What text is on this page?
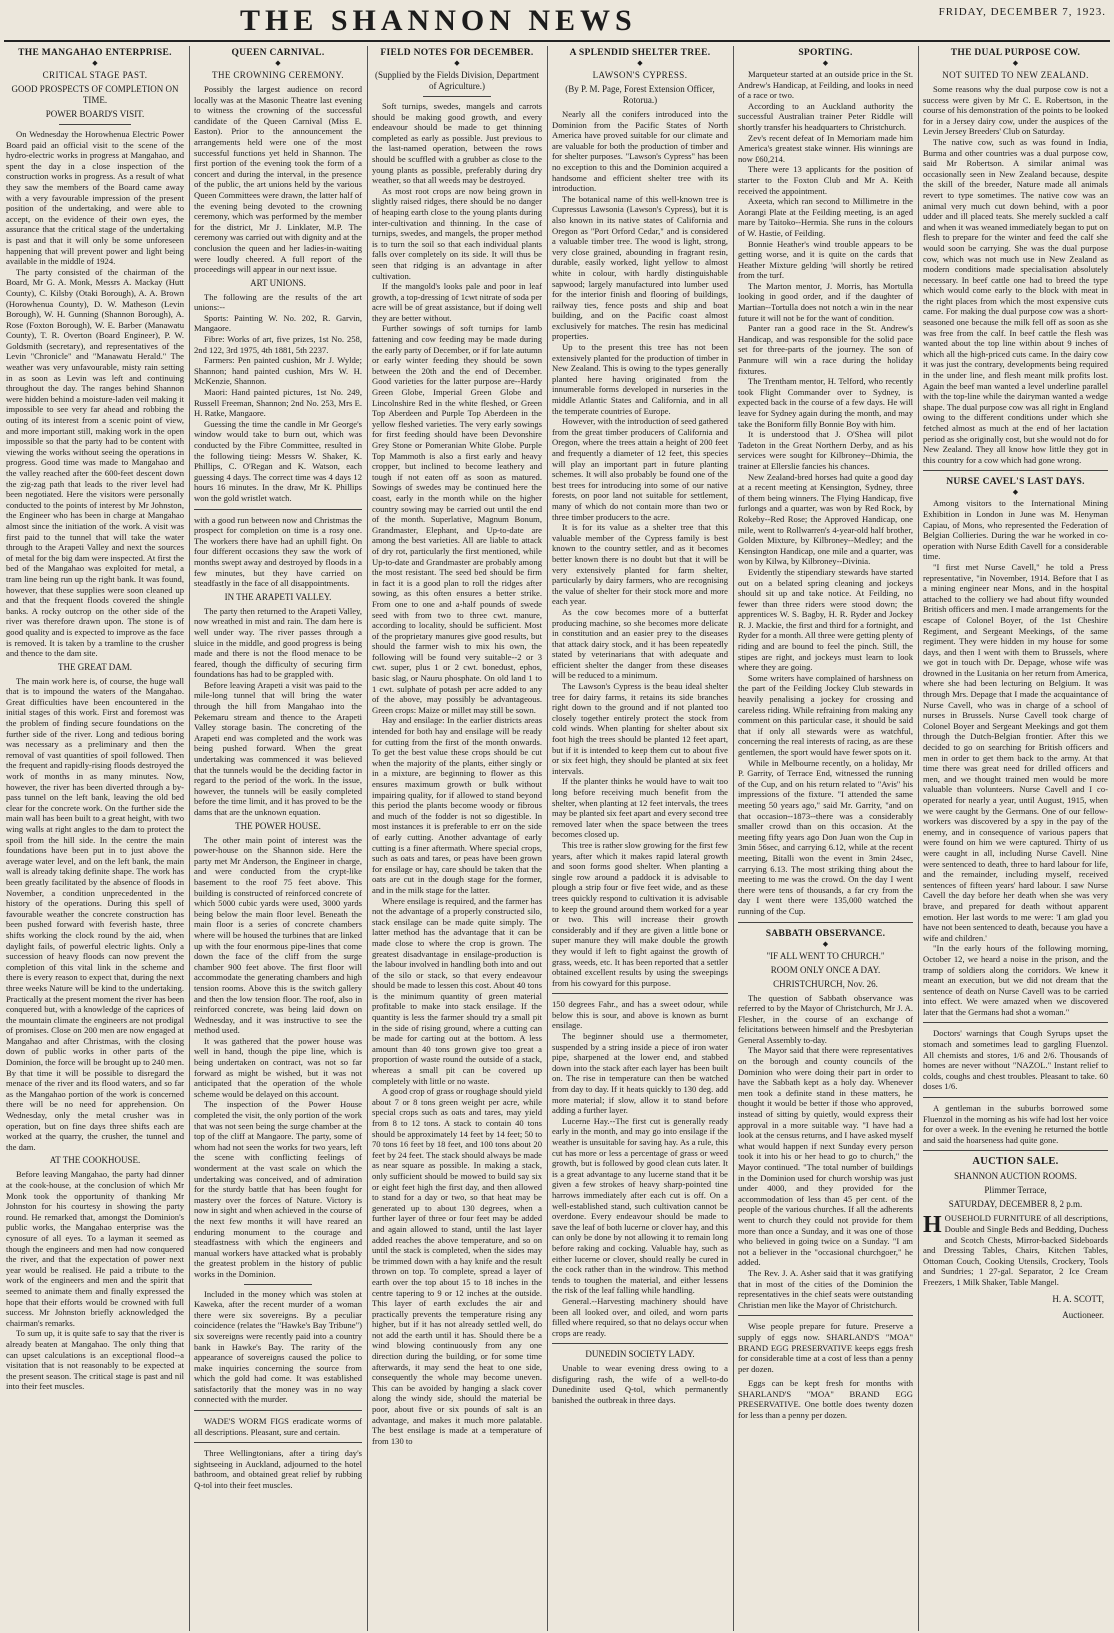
THE SHANNON NEWS	FRIDAY, DECEMBER 7, 1923.
THE MANGAHAO ENTERPRISE.
◆
CRITICAL STAGE PAST.
GOOD PROSPECTS OF COMPLETION ON TIME.
POWER BOARD'S VISIT.

On Wednesday the Horowhenua Electric Power Board paid an official visit to the scene of the hydro-electric works in progress at Mangahao, and spent the day in a close inspection of the construction works in progress. As a result of what they saw the members of the Board came away with a very favourable impression of the present position of the undertaking, and were able to accept, on the evidence of their own eyes, the assurance that the critical stage of the undertaking is past and that it will only be some unforeseen happening that will prevent power and light being available in the middle of 1924.

The party consisted of the chairman of the Board, Mr G. A. Monk, Messrs A. Mackay (Hutt County), C. Kilsby (Otaki Borough), A. A. Brown (Horowhenua County), D. W. Matheson (Levin Borough), W. H. Gunning (Shannon Borough), A. Rose (Foxton Borough), W. E. Barber (Manawatu County), T. R. Overton (Board Engineer), P. W. Goldsmith (secretary), and representatives of the Levin "Chronicle" and "Manawatu Herald." The weather was very unfavourable, misty rain setting in as soon as Levin was left and continuing throughout the day. The ranges behind Shannon were hidden behind a moisture-laden veil making it impossible to see very far ahead and robbing the outing of its interest from a scenic point of view, and more important still, making work in the open impossible so that the party had to be content with viewing the works without seeing the operations in progress. Good time was made to Mangahao and the valley reached after the 600-feet descent down the zig-zag path that leads to the river level had been negotiated. Here the visitors were personally conducted to the points of interest by Mr Johnston, the Engineer who has been in charge at Mangahao almost since the initiation of the work. A visit was first paid to the tunnel that will take the water through to the Arapeti Valley and next the sources of metal for the big dam were inspected. At first the bed of the Mangahao was exploited for metal, a tram line being run up the right bank. It was found, however, that these supplies were soon cleaned up and that the frequent floods covered the shingle banks. A rocky outcrop on the other side of the river was therefore drawn upon. The stone is of good quality and is expected to improve as the face is removed. It is taken by a tramline to the crusher and thence to the dam site.

THE GREAT DAM.

The main work here is, of course, the huge wall that is to impound the waters of the Mangahao. Great difficulties have been encountered in the initial stages of this work. First and foremost was the problem of finding secure foundations on the further side of the river. Long and tedious boring was necessary as a preliminary and then the removal of vast quantities of spoil followed. Then the frequent and rapidly-rising floods destroyed the work of months in as many minutes. Now, however, the river has been diverted through a by-pass tunnel on the left bank, leaving the old bed clear for the concrete work. On the further side the main wall has been built to a great height, with two wing walls at right angles to the dam to protect the spoil from the hill side. In the centre the main foundations have been put in to just above the average water level, and on the left bank, the main wall is already taking definite shape. The work has been greatly facilitated by the absence of floods in November, a condition unprecedented in the history of the operations. During this spell of favourable weather the concrete construction has been pushed forward with feverish haste, three shifts working the clock round by the aid, when daylight fails, of powerful electric lights. Only a succession of heavy floods can now prevent the completion of this vital link in the scheme and there is every reason to expect that, during the next three weeks Nature will be kind to the undertaking. Practically at the present moment the river has been conquered but, with a knowledge of the caprices of the mountain climate the engineers are not prodigal of promises. Close on 200 men are now engaged at Mangahao and after Christmas, with the closing down of public works in other parts of the Dominion, the force will be brought up to 240 men. By that time it will be possible to disregard the menace of the river and its flood waters, and so far as the Mangahao portion of the work is concerned there will be no need for apprehension. On Wednesday, only the metal crusher was in operation, but on fine days three shifts each are worked at the quarry, the crusher, the tunnel and the dam.

AT THE COOKHOUSE.

Before leaving Mangahao, the party had dinner at the cook-house, at the conclusion of which Mr Monk took the opportunity of thanking Mr Johnston for his courtesy in showing the party round. He remarked that, amongst the Dominion's public works, the Mangahao enterprise was the cynosure of all eyes. To a layman it seemed as though the engineers and men had now conquered the river, and that the expectation of power next year would be realised. He paid a tribute to the work of the engineers and men and the spirit that seemed to animate them and finally expressed the hope that their efforts would be crowned with full success. Mr Johnston briefly acknowledged the chairman's remarks.

To sum up, it is quite safe to say that the river is already beaten at Mangahao. The only thing that can upset calculations is an exceptional flood--a visitation that is not reasonably to be expected at the present season. The critical stage is past and nil into their feet muscles.

QUEEN CARNIVAL.
◆
THE CROWNING CEREMONY.

Possibly the largest audience on record locally was at the Masonic Theatre last evening to witness the crowning of the successful candidate of the Queen Carnival (Miss E. Easton). Prior to the announcement the arrangements held were one of the most successful functions yet held in Shannon. The first portion of the evening took the form of a concert and during the interval, in the presence of the public, the art unions held by the various Queen Committees were drawn, the latter half of the evening being devoted to the crowning ceremony, which was performed by the member for the district, Mr J. Linklater, M.P. The ceremony was carried out with dignity and at the conclusion the queen and her ladies-in-waiting were loudly cheered. A full report of the proceedings will appear in our next issue.

ART UNIONS.

The following are the results of the art unions:--

Sports: Painting W. No. 202, R. Garvin, Mangaore.

Fibre: Works of art, five prizes, 1st No. 258, 2nd 122, 3rd 1975, 4th 1881, 5th 2237.

Farmers: Pen painted cushion, Mr J. Wylde; Shannon; hand painted cushion, Mrs W. H. McKenzie, Shannon.

Maori: Hand painted pictures, 1st No. 249, Russell Freeman, Shannon; 2nd No. 253, Mrs E. H. Ratke, Mangaore.

Guessing the time the candle in Mr George's window would take to burn out, which was conducted by the Fibre Committee, resulted in the following tieing: Messrs W. Shaker, K. Phillips, C. O'Regan and K. Watson, each guessing 4 days. The correct time was 4 days 12 hours 16 minutes. In the draw, Mr K. Phillips won the gold wristlet watch.

with a good run between now and Christmas the prospect for completion on time is a rosy one. The workers there have had an uphill fight. On four different occasions they saw the work of months swept away and destroyed by floods in a few minutes, but they have carried on steadfastly in the face of all disappointments.

IN THE ARAPETI VALLEY.

The party then returned to the Arapeti Valley, now wreathed in mist and rain. The dam here is well under way. The river passes through a sluice in the middle, and good progress is being made and there is not the flood menace to be feared, though the difficulty of securing firm foundations has had to be grappled with.

Before leaving Arapeti a visit was paid to the mile-long tunnel that will bring the water through the hill from Mangahao into the Pekemaru stream and thence to the Arapeti Valley storage basin. The concreting of the Arapeti end was completed and the work was being pushed forward. When the great undertaking was commenced it was believed that the tunnels would be the deciding factor in regard to the period of the work. In the issue, however, the tunnels will be easily completed before the time limit, and it has proved to be the dams that are the unknown equation.

THE POWER HOUSE.

The other main point of interest was the power-house on the Shannon side. Here the party met Mr Anderson, the Engineer in charge, and were conducted from the crypt-like basement to the roof 75 feet above. This building is constructed of reinforced concrete of which 5000 cubic yards were used, 3000 yards being below the main floor level. Beneath the main floor is a series of concrete chambers where will be housed the turbines that are linked up with the four enormous pipe-lines that come down the face of the cliff from the surge chamber 900 feet above. The first floor will accommodate the generating chambers and high tension rooms. Above this is the switch gallery and then the low tension floor. The roof, also in reinforced concrete, was being laid down on Wednesday, and it was instructive to see the method used.

It was gathered that the power house was well in hand, though the pipe line, which is being undertaken on contract, was not so far forward as might be wished, but it was not anticipated that the operation of the whole scheme would be delayed on this account.

The inspection of the Power House completed the visit, the only portion of the work that was not seen being the surge chamber at the top of the cliff at Mangaore. The party, some of whom had not seen the works for two years, left the scene with conflicting feelings of wonderment at the vast scale on which the undertaking was conceived, and of admiration for the sturdy battle that has been fought for mastery over the forces of Nature. Victory is now in sight and when achieved in the course of the next few months it will have reared an enduring monument to the courage and steadfastness with which the engineers and manual workers have attacked what is probably the greatest problem in the history of public works in the Dominion.

Included in the money which was stolen at Kaweka, after the recent murder of a woman there were six sovereigns. By a peculiar coincidence (relates the "Hawke's Bay Tribune") six sovereigns were recently paid into a country bank in Hawke's Bay. The rarity of the appearance of sovereigns caused the police to make inquiries concerning the source from which the gold had come. It was established satisfactorily that the money was in no way connected with the murder.

WADE'S WORM FIGS eradicate worms of all descriptions. Pleasant, sure and certain.

Three Wellingtonians, after a tiring day's sightseeing in Auckland, adjourned to the hotel bathroom, and obtained great relief by rubbing Q-tol into their feet muscles.

FIELD NOTES FOR DECEMBER.
◆
(Supplied by the Fields Division, Department of Agriculture.)

Soft turnips, swedes, mangels and carrots should be making good growth, and every endeavour should be made to get thinning completed as early as possible. Just previous to the last-named operation, between the rows should be scuffled with a grubber as close to the young plants as possible, preferably during dry weather, so that all weeds may be destroyed.

As most root crops are now being grown in slightly raised ridges, there should be no danger of heaping earth close to the young plants during inter-cultivation and thinning. In the case of turnips, swedes, and mangels, the proper method is to turn the soil so that each individual plants falls over completely on its side. It will thus be seen that ridging is an advantage in after cultivation.

If the mangold's looks pale and poor in leaf growth, a top-dressing of 1cwt nitrate of soda per acre will be of great assistance, but if doing well they are better without.

Further sowings of soft turnips for lamb fattening and cow feeding may be made during the early party of December, or if for late autumn or early winter feeding they should be sown between the 20th and the end of December. Good varieties for the latter purpose are--Hardy Green Globe, Imperial Green Globe and Lincolnshire Red in the white fleshed, or Green Top Aberdeen and Purple Top Aberdeen in the yellow fleshed varieties. The very early sowings for first feeding should have been Devonshire Grey Stone or Pomeranian White Globe. Purple Top Mammoth is also a first early and heavy cropper, but inclined to become leathery and tough if not eaten off as soon as matured. Sowings of swedes may be continued here the coast, early in the month while on the higher country sowing may be carried out until the end of the month. Superlative, Magnum Bonum, Grandmaster, Elephant, and Up-to-date are among the best varieties. All are liable to attack of dry rot, particularly the first mentioned, while Up-to-date and Grandmaster are probably among the most resistant. The seed bed should be firm in fact it is a good plan to roll the ridges after sowing, as this often ensures a better strike. From one to one and a-half pounds of swede seed with from two to three cwt. manure, according to locality, should be sufficient. Most of the proprietary manures give good results, but should the farmer wish to mix his own, the following will be found very suitable--2 or 3 cwt. super, plus 1 or 2 cwt. bonedust, ephos, basic slag, or Nauru phosphate. On old land 1 to 1 cwt. sulphate of potash per acre added to any of the above, may possibly be advantageous. Green crops: Maize or millet may still be sown.

Hay and ensilage: In the earlier districts areas intended for both hay and ensilage will be ready for cutting from the first of the month onwards. To get the best value these crops should be cut when the majority of the plants, either singly or in a mixture, are beginning to flower as this ensures maximum growth or bulk without impairing quality, for if allowed to stand beyond this period the plants become woody or fibrous and much of the fodder is not so digestible. In most instances it is preferable to err on the side of early cutting. Another advantage of early cutting is a finer aftermath. Where special crops, such as oats and tares, or peas have been grown for ensilage or hay, care should be taken that the oats are cut in the dough stage for the former, and in the milk stage for the latter.

Where ensilage is required, and the farmer has not the advantage of a properly constructed silo, stack ensilage can be made quite simply. The latter method has the advantage that it can be made close to where the crop is grown. The greatest disadvantage in ensilage-production is the labour involved in handling both into and out of the silo or stack, so that every endeavour should be made to lessen this cost. About 40 tons is the minimum quantity of green material profitable to make into stack ensilage. If the quantity is less the farmer should try a small pit in the side of rising ground, where a cutting can be made for carting out at the bottom. A less amount than 40 tons grown give too great a proportion of waste round the outside of a stack, whereas a small pit can be covered up completely with little or no waste.

A good crop of grass or roughage should yield about 7 or 8 tons green weight per acre, while special crops such as oats and tares, may yield from 8 to 12 tons. A stack to contain 40 tons should be approximately 14 feet by 14 feet; 50 to 70 tons 16 feet by 18 feet, and 100 tons about 20 feet by 24 feet. The stack should always be made as near square as possible. In making a stack, only sufficient should be mowed to build say six or eight feet high the first day, and then allowed to stand for a day or two, so that heat may be generated up to about 130 degrees, when a further layer of three or four feet may be added and again allowed to stand, until the last layer added reaches the above temperature, and so on until the stack is completed, when the sides may be trimmed down with a hay knife and the result thrown on top. To complete, spread a layer of earth over the top about 15 to 18 inches in the centre tapering to 9 or 12 inches at the outside. This layer of earth excludes the air and practically prevents the temperature rising any higher, but if it has not already settled well, do not add the earth until it has. Should there be a wind blowing continuously from any one direction during the building, or for some time afterwards, it may send the heat to one side, consequently the whole may become uneven. This can be avoided by hanging a slack cover along the windy side, should the material be poor, about five or six pounds of salt is an advantage, and makes it much more palatable. The best ensilage is made at a temperature of from 130 to

A SPLENDID SHELTER TREE.
◆
LAWSON'S CYPRESS.
(By P. M. Page, Forest Extension Officer, Rotorua.)

Nearly all the conifers introduced into the Dominion from the Pacific States of North America have proved suitable for our climate and are valuable for both the production of timber and for shelter purposes. "Lawson's Cypress" has been no exception to this and the Dominion acquired a handsome and efficient shelter tree with its introduction.

The botanical name of this well-known tree is Cupressus Lawsonia (Lawson's Cypress), but it is also known in its native states of California and Oregon as "Port Orford Cedar," and is considered a valuable timber tree. The wood is light, strong, very close grained, abounding in fragrant resin, durable, easily worked, light yellow to almost white in colour, with hardly distinguishable sapwood; largely manufactured into lumber used for the interior finish and flooring of buildings, railway ties, fence posts and ship and boat building, and on the Pacific coast almost exclusively for matches. The resin has medicinal properties.

Up to the present this tree has not been extensively planted for the production of timber in New Zealand. This is owing to the types generally planted here having originated from the innumerable forms developed in nurseries in the middle Atlantic States and California, and in all the temperate countries of Europe.

However, with the introduction of seed gathered from the great timber producers of California and Oregon, where the trees attain a height of 200 feet and frequently a diameter of 12 feet, this species will play an important part in future planting schemes. It will also probably be found one of the best trees for introducing into some of our native forests, on poor land not suitable for settlement, many of which do not contain more than two or three timber producers to the acre.

It is for its value as a shelter tree that this valuable member of the Cypress family is best known to the country settler, and as it becomes better known there is no doubt but that it will be very extensively planted for farm shelter, particularly by dairy farmers, who are recognising the value of shelter for their stock more and more each year.

As the cow becomes more of a butterfat producing machine, so she becomes more delicate in constitution and an easier prey to the diseases that attack dairy stock, and it has been repeatedly stated by veterinarians that with adequate and efficient shelter the danger from these diseases will be reduced to a minimum.

The Lawson's Cypress is the beau ideal shelter tree for dairy farms, it retains its side branches right down to the ground and if not planted too closely together entirely protect the stock from cold winds. When planting for shelter about six foot high the trees should be planted 12 feet apart, but if it is intended to keep them cut to about five or six feet high, they should be planted at six feet intervals.

If the planter thinks he would have to wait too long before receiving much benefit from the shelter, when planting at 12 feet intervals, the trees may be planted six feet apart and every second tree removed later when the space between the trees becomes closed up.

This tree is rather slow growing for the first few years, after which it makes rapid lateral growth and soon forms good shelter. When planting a single row around a paddock it is advisable to plough a strip four or five feet wide, and as these trees quickly respond to cultivation it is advisable to keep the ground around them worked for a year or two. This will increase their growth considerably and if they are given a little bone or super manure they will make double the growth they would if left to fight against the growth of grass, weeds, etc. It has been reported that a settler obtained excellent results by using the sweepings from his cowyard for this purpose.

150 degrees Fahr., and has a sweet odour, while below this is sour, and above is known as burnt ensilage.

The beginner should use a thermometer, suspended by a string inside a piece of iron water pipe, sharpened at the lower end, and stabbed down into the stack after each layer has been built on. The rise in temperature can then be watched from day to day. If it heats quickly to 130 deg. add more material; if slow, allow it to stand before adding a further layer.

Lucerne Hay.--The first cut is generally ready early in the month, and may go into ensilage if the weather is unsuitable for saving hay. As a rule, this cut has more or less a percentage of grass or weed growth, but is followed by good clean cuts later. It is a great advantage to any lucerne stand that it be given a few strokes of heavy sharp-pointed tine harrows immediately after each cut is off. On a well-established stand, such cultivation cannot be overdone. Every endeavour should be made to save the leaf of both lucerne or clover hay, and this can only be done by not allowing it to remain long before raking and cocking. Valuable hay, such as either lucerne or clover, should really be cured in the cock rather than in the windrow. This method tends to toughen the material, and either lessens the risk of the leaf falling while handling.

General.--Harvesting machinery should have been all looked over, and oiled, and worn parts filled where required, so that no delays occur when crops are ready.

DUNEDIN SOCIETY LADY.

Unable to wear evening dress owing to a disfiguring rash, the wife of a well-to-do Dunedinite used Q-tol, which permanently banished the outbreak in three days.

SPORTING.
◆

Marqueteur started at an outside price in the St. Andrew's Handicap, at Feilding, and looks in need of a race or two.

According to an Auckland authority the successful Australian trainer Peter Riddle will shortly transfer his headquarters to Christchurch.

Zev's recent defeat of In Memoriam made him America's greatest stake winner. His winnings are now £60,214.

There were 13 applicants for the position of starter to the Foxton Club and Mr A. Keith received the appointment.

Axeeta, which ran second to Millimetre in the Aorangi Plate at the Feilding meeting, is an aged mare by Taitoko--Hermia. She runs in the colours of W. Hastie, of Feilding.

Bonnie Heather's wind trouble appears to be getting worse, and it is quite on the cards that Heather Mixture gelding 'will shortly be retired from the turf.

The Marton mentor, J. Morris, has Mortulla looking in good order, and if the daughter of Martian--Tortulla does not notch a win in the near future it will not be for the want of condition.

Panter ran a good race in the St. Andrew's Handicap, and was responsible for the solid pace set for three-parts of the journey. The son of Panmure will win a race during the holiday fixtures.

The Trentham mentor, H. Telford, who recently took Flight Commander over to Sydney, is expected back in the course of a few days. He will leave for Sydney again during the month, and may take the Boniform filly Bonnie Boy with him.

It is understood that J. O'Shea will pilot Tadeton in the Great Northern Derby, and as his services were sought for Kilbroney--Dhimia, the trainer at Ellerslie fancies his chances.

New Zealand-bred horses had quite a good day at a recent meeting at Kensington, Sydney, three of them being winners. The Flying Handicap, five furlongs and a quarter, was won by Red Rock, by Rokeby--Red Rose; the Approved Handicap, one mile, went to Rollwarren's 4-year-old half brother, Golden Mixture, by Kilbroney--Medley; and the Kensington Handicap, one mile and a quarter, was won by Kilwa, by Kilbroney--Divinia.

Evidently the stipendiary stewards have started out on a belated spring cleaning and jockeys should sit up and take notice. At Feilding, no fewer than three riders were stood down; the apprentices W. S. Bagby, H. R. Ryder and Jockey R. J. Mackie, the first and third for a fortnight, and Ryder for a month. All three were getting plenty of riding and are bound to feel the pinch. Still, the stipes are right, and jockeys must learn to look where they are going.

Some writers have complained of harshness on the part of the Feilding Jockey Club stewards in heavily penalising a jockey for crossing and careless riding. While refraining from making any comment on this particular case, it should be said that if only all stewards were as watchful, concerning the real interests of racing, as are these gentlemen, the sport would have fewer spots on it.

While in Melbourne recently, on a holiday, Mr P. Garrity, of Terrace End, witnessed the running of the Cup, and on his return related to "Avis" his impressions of the fixture. "I attended the same meeting 50 years ago," said Mr. Garrity, "and on that occasion--1873--there was a considerably smaller crowd than on this occasion. At the meeting fifty years ago Don Juan won the Cup in 3min 56sec, and carrying 6.12, while at the recent meeting, Bitalli won the event in 3min 24sec, carrying 6.13. The most striking thing about the meeting to me was the crowd. On the day I went there were tens of thousands, a far cry from the day I went there were 135,000 watched the running of the Cup.

SABBATH OBSERVANCE.
◆
"IF ALL WENT TO CHURCH."
ROOM ONLY ONCE A DAY.
CHRISTCHURCH, Nov. 26.

The question of Sabbath observance was referred to by the Mayor of Christchurch, Mr J. A. Flesher, in the course of an exchange of felicitations between himself and the Presbyterian General Assembly to-day.

The Mayor said that there were representatives on the borough and county councils of the Dominion who were doing their part in order to have the Sabbath kept as a holy day. Whenever men took a definite stand in these matters, he thought it would be better if those who approved, instead of sitting by quietly, would express their approval in a more suitable way. "I have had a look at the census returns, and I have asked myself what would happen if next Sunday every person took it into his or her head to go to church," the Mayor continued. "The total number of buildings in the Dominion used for church worship was just under 4000, and they provided for the accommodation of less than 45 per cent. of the people of the various churches. If all the adherents went to church they could not provide for them more than once a Sunday, and it was one of those who believed in going twice on a Sunday. "I am not a believer in the "occasional churchgoer," he added.

The Rev. J. A. Asher said that it was gratifying that in most of the cities of the Dominion the representatives in the chief seats were outstanding Christian men like the Mayor of Christchurch.

Wise people prepare for future. Preserve a supply of eggs now. SHARLAND'S "MOA" BRAND EGG PRESERVATIVE keeps eggs fresh for considerable time at a cost of less than a penny per dozen.

Eggs can be kept fresh for months with SHARLAND'S "MOA" BRAND EGG PRESERVATIVE. One bottle does twenty dozen for less than a penny per dozen.

THE DUAL PURPOSE COW.
◆
NOT SUITED TO NEW ZEALAND.

Some reasons why the dual purpose cow is not a success were given by Mr C. E. Robertson, in the course of his demonstration of the points to be looked for in a Jersey dairy cow, under the auspices of the Levin Jersey Breeders' Club on Saturday.

The native cow, such as was found in India, Burma and other countries was a dual purpose cow, said Mr Robertson. A similar animal was occasionally seen in New Zealand because, despite the skill of the breeder, Nature made all animals revert to type sometimes. The native cow was an animal very much cut down behind, with a poor udder and ill placed teats. She merely suckled a calf and when it was weaned immediately began to put on flesh to prepare for the winter and feed the calf she would soon be carrying. She was the dual purpose cow, which was not much use in New Zealand as modern conditions made specialisation absolutely necessary. In beef cattle one had to breed the type which would come early to the block with meat in the right places from which the most expensive cuts came. For making the dual purpose cow was a short-seasoned one because the milk fell off as soon as she was free from the calf. In beef cattle the flesh was wanted about the top line within about 9 inches of which all the high-priced cuts came. In the dairy cow it was just the contrary, developments being required in the under line, and flesh meant milk profits lost. Again the beef man wanted a level underline parallel with the top-line while the dairyman wanted a wedge shape. The dual purpose cow was all right in England owing to the different conditions under which she fetched almost as much at the end of her lactation period as she originally cost, but she would not do for New Zealand. They all know how little they got in this country for a cow which had gone wrong.

NURSE CAVEL'S LAST DAYS.
◆

Among visitors to the International Mining Exhibition in London in June was M. Henyman Capiau, of Mons, who represented the Federation of Belgian Collieries. During the war he worked in co-operation with Nurse Edith Cavell for a considerable time.

"I first met Nurse Cavell," he told a Press representative, "in November, 1914. Before that I as a mining engineer near Mons, and in the hospital attached to the colliery we had about fifty wounded British officers and men. I made arrangements for the escape of Colonel Boyer, of the 1st Cheshire Regiment, and Sergeant Meekings, of the same regiment. They were hidden in my house for some days, and then I went with them to Brussels, where we got in touch with Dr. Depage, whose wife was drowned in the Lusitania on her return from America, where she had been lecturing on Belgium. It was through Mrs. Depage that I made the acquaintance of Nurse Cavell, who was in charge of a school of nurses in Brussels. Nurse Cavell took charge of Colonel Boyer and Sergeant Meekings and got them through the Dutch-Belgian frontier. After this we decided to go on searching for British officers and men in order to get them back to the army. At that time there was great need for drilled officers and men, and we thought trained men would be more valuable than volunteers. Nurse Cavell and I co-operated for nearly a year, until August, 1915, when we were caught by the Germans. One of our fellow-workers was discovered by a spy in the pay of the enemy, and in consequence of various papers that were found on him we were captured. Thirty of us were caught in all, including Nurse Cavell. Nine were sentenced to death, three to hard labour for life, and the remainder, including myself, received sentences of fifteen years' hard labour. I saw Nurse Cavell the day before her death when she was very brave, and prepared for death without apparent emotion. Her last words to me were: 'I am glad you have not been sentenced to death, because you have a wife and children.'

"In the early hours of the following morning, October 12, we heard a noise in the prison, and the tramp of soldiers along the corridors. We knew it meant an execution, but we did not dream that the sentence of death on Nurse Cavell was to be carried into effect. We were amazed when we discovered later that the Germans had shot a woman."

Doctors' warnings that Cough Syrups upset the stomach and sometimes lead to gargling Fluenzol. All chemists and stores, 1/6 and 2/6. Thousands of homes are never without "NAZOL." Instant relief to colds, coughs and chest troubles. Pleasant to take. 60 doses 1/6.

A gentleman in the suburbs borrowed some Fluenzol in the morning as his wife had lost her voice for over a week. In the evening he returned the bottle and said the hoarseness had quite gone.

AUCTION SALE.
SHANNON AUCTION ROOMS.
Plimmer Terrace,
SATURDAY, DECEMBER 8, 2 p.m.

HOUSEHOLD FURNITURE of all descriptions, Double and Single Beds and Bedding, Duchess and Scotch Chests, Mirror-backed Sideboards and Dressing Tables, Chairs, Kitchen Tables, Ottoman Couch, Cooking Utensils, Crockery, Tools and Sundries; 1 27-gal. Separator, 2 Ice Cream Freezers, 1 Milk Shaker, Table Mangel.

H. A. SCOTT,
Auctioneer.
